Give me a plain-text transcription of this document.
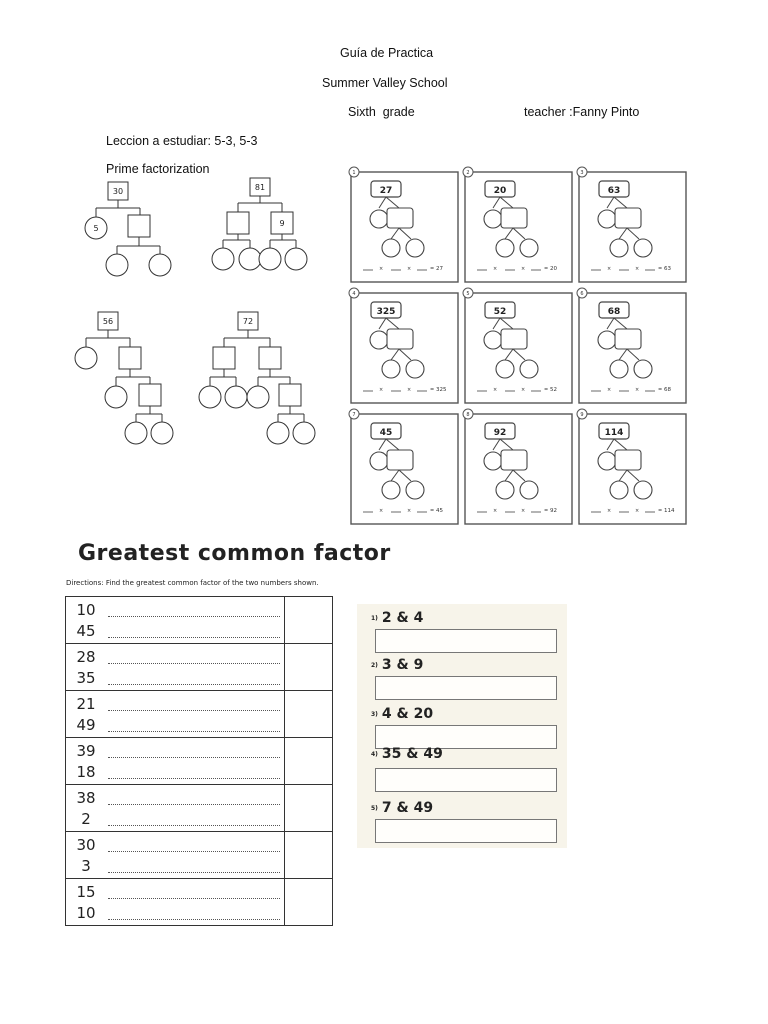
Guía de Practica
Summer Valley School
Sixth  grade	teacher :Fanny Pinto
Leccion a estudiar: 5-3, 5-3
Prime factorization
30
5
81
9
56	72
1
27
×	×	= 27
2
20
×	×	= 20
3
63
×	×	= 63
4
325
×	×	= 325
5
52
×	×	= 52
6
68
×	×	= 68
7
45
×	×	= 45
8
92
×	×	= 92
9
114
×	×	= 114
Greatest common factor
Directions: Find the greatest common factor of the two numbers shown.
10
45	

28
35	

21
49	

39
18	

38
2	

30
3	

15
10	

1) 2 & 4
2) 3 & 9
3) 4 & 20
4) 35 & 49
5) 7 & 49
